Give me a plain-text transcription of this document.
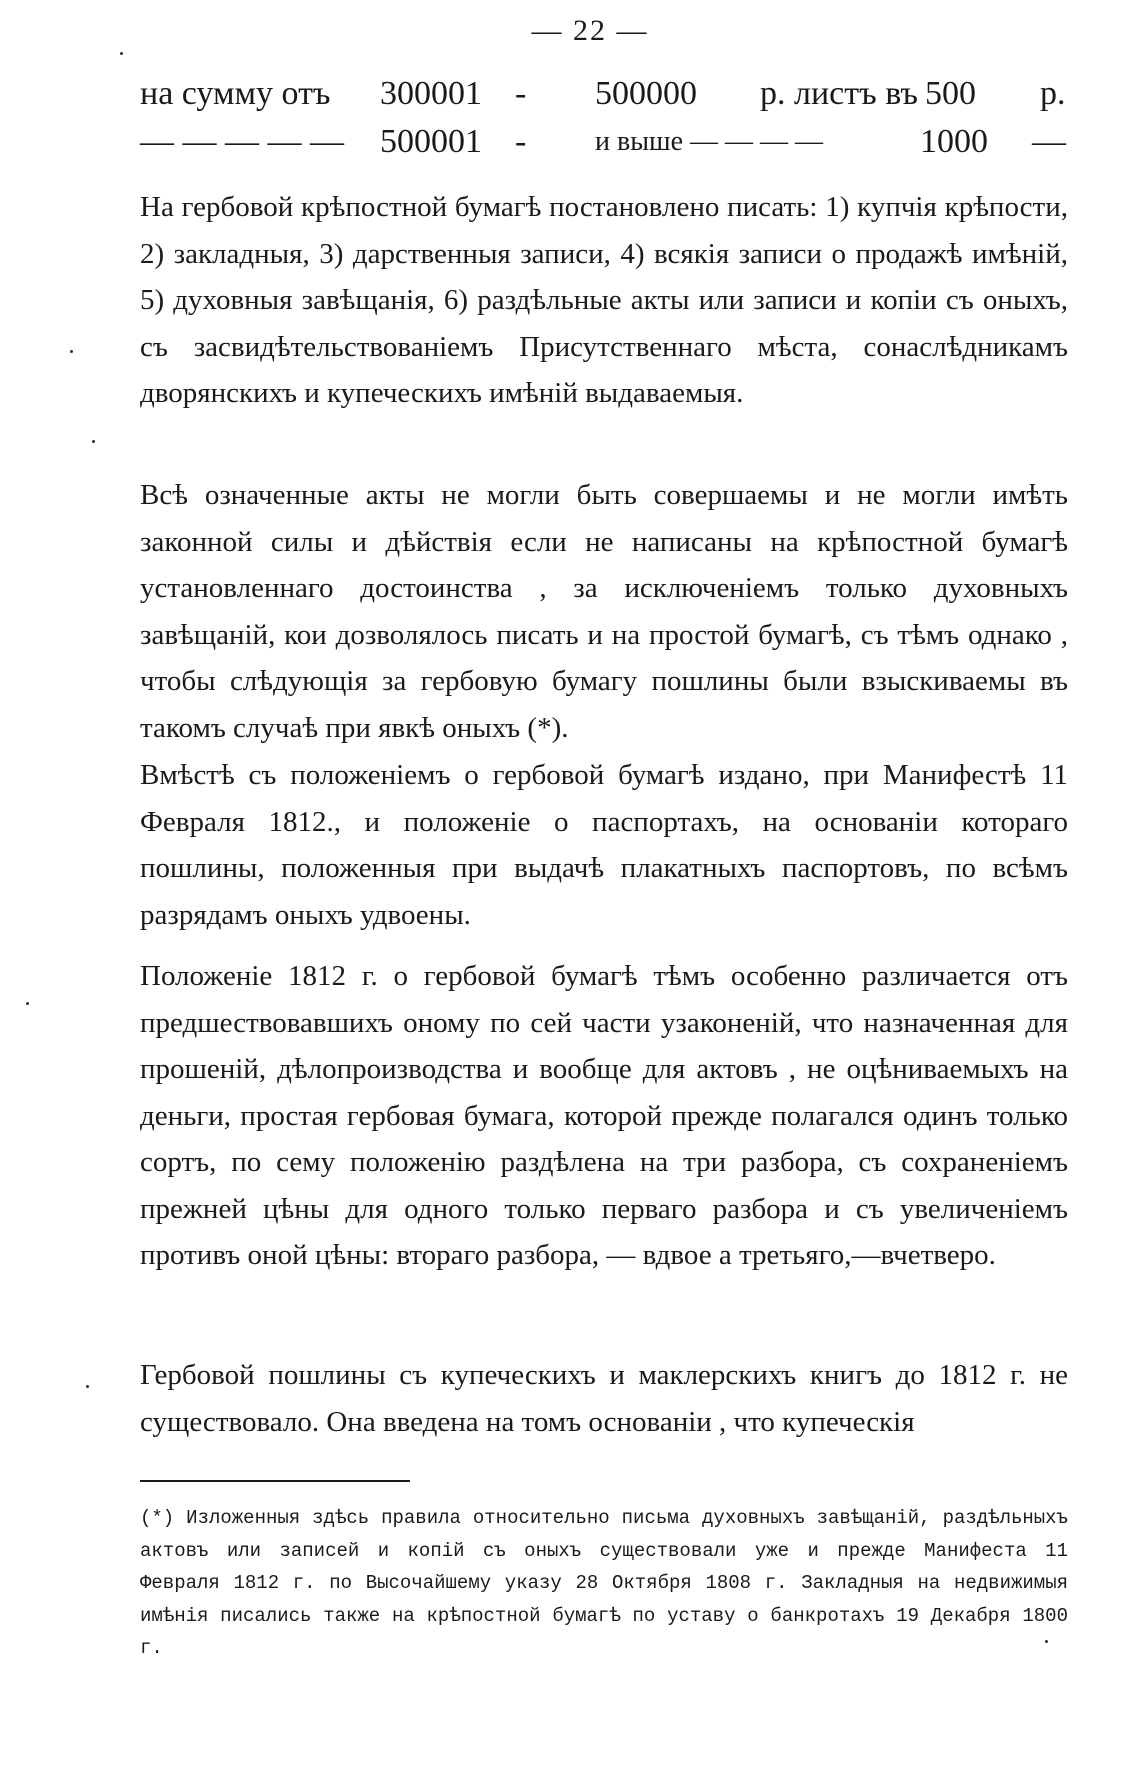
— 22 —
на сумму отъ 300001 - 500000 р. листъ въ 500 р.
— — — — — 500001 - и выше — — — —	1000 —

На гербовой крѣпостной бумагѣ постановлено писать: 1) купчія крѣпости, 2) закладныя, 3) дарственныя записи, 4) всякія записи о продажѣ имѣній, 5) духовныя завѣщанія, 6) раздѣльные акты или записи и копіи съ оныхъ, съ засвидѣтельствованіемъ Присутственнаго мѣста, сонаслѣдникамъ дворянскихъ и купеческихъ имѣній выдаваемыя.

Всѣ означенные акты не могли быть совершаемы и не могли имѣть законной силы и дѣйствія если не написаны на крѣпостной бумагѣ установленнаго достоинства , за исключеніемъ только духовныхъ завѣщаній, кои дозволялось писать и на простой бумагѣ, съ тѣмъ однако , чтобы слѣдующія за гербовую бумагу пошлины были взыскиваемы въ такомъ случаѣ при явкѣ оныхъ (*).

Вмѣстѣ съ положеніемъ о гербовой бумагѣ издано, при Манифестѣ 11 Февраля 1812., и положеніе о паспортахъ, на основаніи котораго пошлины, положенныя при выдачѣ плакатныхъ паспортовъ, по всѣмъ разрядамъ оныхъ удвоены.

Положеніе 1812 г. о гербовой бумагѣ тѣмъ особенно различается отъ предшествовавшихъ оному по сей части узаконеній, что назначенная для прошеній, дѣлопроизводства и вообще для актовъ , не оцѣниваемыхъ на деньги, простая гербовая бумага, которой прежде полагался одинъ только сортъ, по сему положенію раздѣлена на три разбора, съ сохраненіемъ прежней цѣны для одного только перваго разбора и съ увеличеніемъ противъ оной цѣны: втораго разбора, — вдвое а третьяго,—вчетверо.

Гербовой пошлины съ купеческихъ и маклерскихъ книгъ до 1812 г. не существовало. Она введена на томъ основаніи , что купеческія

(*) Изложенныя здѣсь правила относительно письма духовныхъ завѣщаній, раздѣльныхъ актовъ или записей и копій съ оныхъ существовали уже и прежде Манифеста 11 Февраля 1812 г. по Высочайшему указу 28 Октября 1808 г. Закладныя на недвижимыя имѣнія писались также на крѣпостной бумагѣ по уставу о банкротахъ 19 Декабря 1800 г.
